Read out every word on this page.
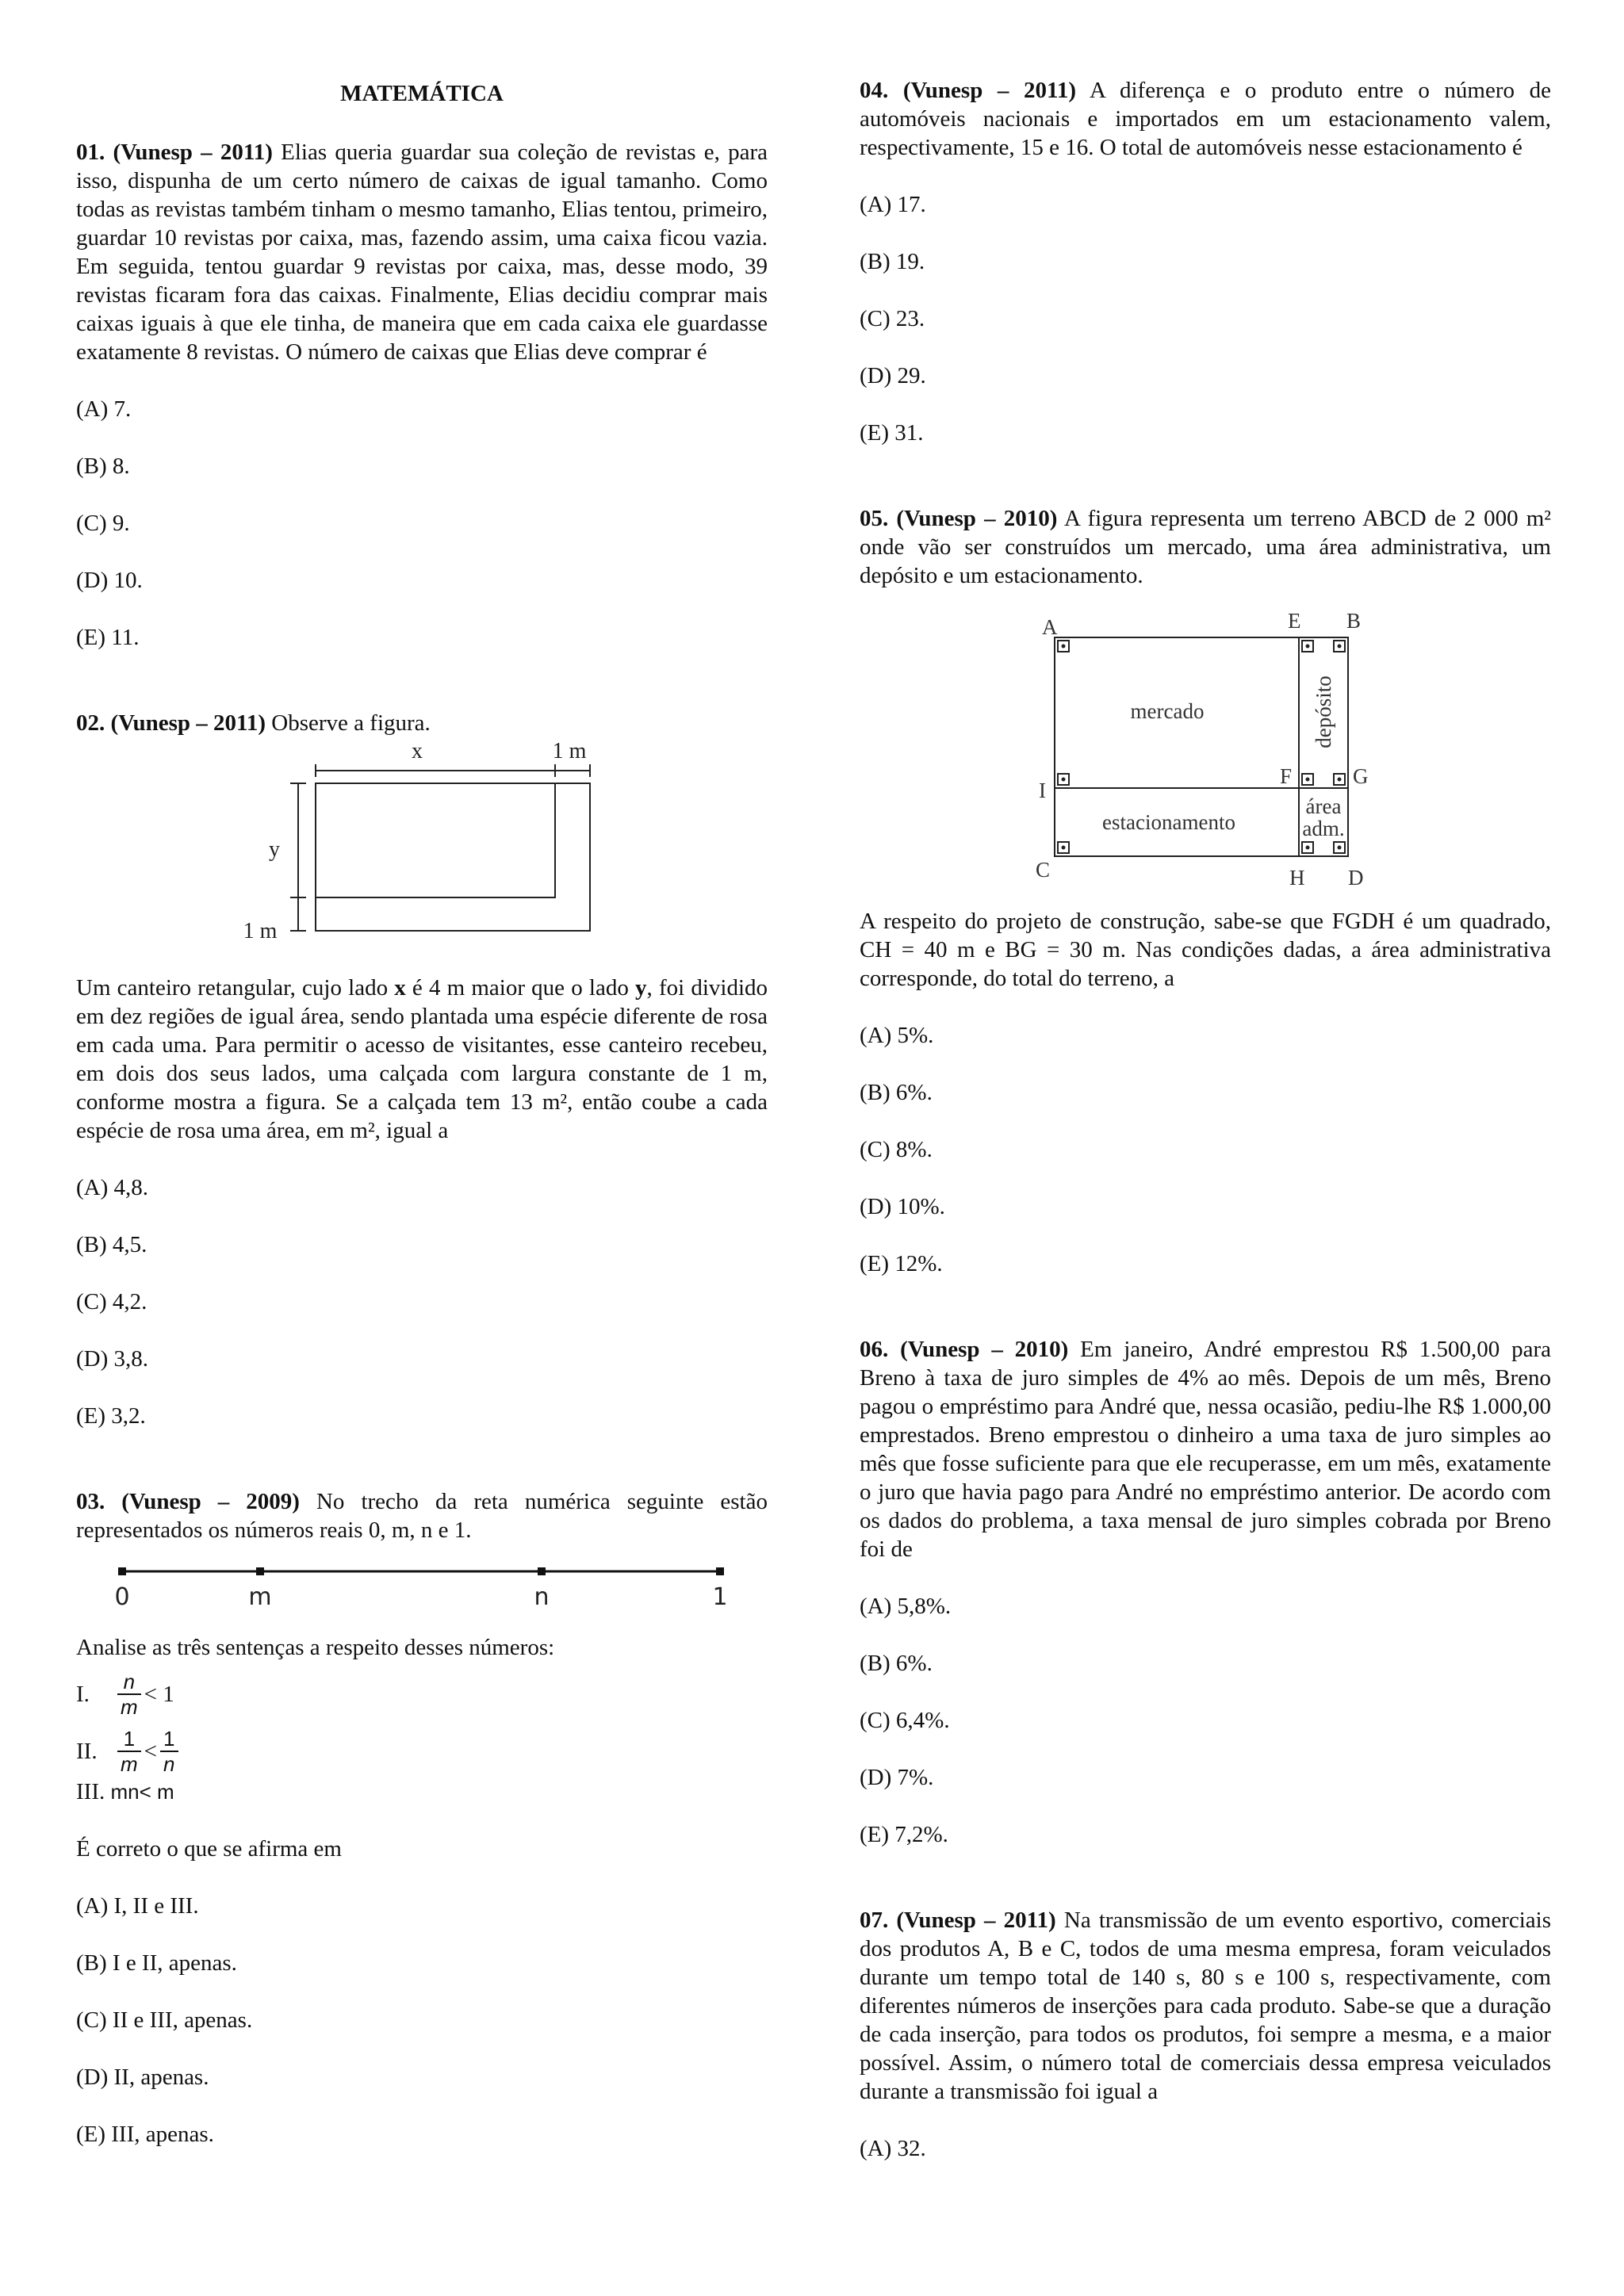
MATEMÁTICA
01. (Vunesp – 2011) Elias queria guardar sua coleção de revistas e, para isso, dispunha de um certo número de caixas de igual tamanho. Como todas as revistas também tinham o mesmo tamanho, Elias tentou, primeiro, guardar 10 revistas por caixa, mas, fazendo assim, uma caixa ficou vazia. Em seguida, tentou guardar 9 revistas por caixa, mas, desse modo, 39 revistas ficaram fora das caixas. Finalmente, Elias decidiu comprar mais caixas iguais à que ele tinha, de maneira que em cada caixa ele guardasse exatamente 8 revistas. O número de caixas que Elias deve comprar é
(A) 7.
(B) 8.
(C) 9.
(D) 10.
(E) 11.
02. (Vunesp – 2011) Observe a figura.
x	1 m
y
1 m
Um canteiro retangular, cujo lado x é 4 m maior que o lado y, foi dividido em dez regiões de igual área, sendo plantada uma espécie diferente de rosa em cada uma. Para permitir o acesso de visitantes, esse canteiro recebeu, em dois dos seus lados, uma calçada com largura constante de 1 m, conforme mostra a figura. Se a calçada tem 13 m², então coube a cada espécie de rosa uma área, em m², igual a
(A) 4,8.
(B) 4,5.
(C) 4,2.
(D) 3,8.
(E) 3,2.
03. (Vunesp – 2009) No trecho da reta numérica seguinte estão representados os números reais 0, m, n e 1.
0	m	n	1
Analise as três sentenças a respeito desses números:
I.	$\frac{n}{m} < 1$
II. $\frac{1}{m} < \frac{1}{n}$
III. mn< m
É correto o que se afirma em
(A) I, II e III.
(B) I e II, apenas.
(C) II e III, apenas.
(D) II, apenas.
(E) III, apenas.
04. (Vunesp – 2011) A diferença e o produto entre o número de automóveis nacionais e importados em um estacionamento valem, respectivamente, 15 e 16. O total de automóveis nesse estacionamento é
(A) 17.
(B) 19.
(C) 23.
(D) 29.
(E) 31.
05. (Vunesp – 2010) A figura representa um terreno ABCD de 2 000 m² onde vão ser construídos um mercado, uma área administrativa, um depósito e um estacionamento.
A	E B
I
F	G
C	H D
mercado	depósito
estacionamento
área
adm.
A respeito do projeto de construção, sabe-se que FGDH é um quadrado, CH = 40 m e BG = 30 m. Nas condições dadas, a área administrativa corresponde, do total do terreno, a
(A) 5%.
(B) 6%.
(C) 8%.
(D) 10%.
(E) 12%.
06. (Vunesp – 2010) Em janeiro, André emprestou R$ 1.500,00 para Breno à taxa de juro simples de 4% ao mês. Depois de um mês, Breno pagou o empréstimo para André que, nessa ocasião, pediu-lhe R$ 1.000,00 emprestados. Breno emprestou o dinheiro a uma taxa de juro simples ao mês que fosse suficiente para que ele recuperasse, em um mês, exatamente o juro que havia pago para André no empréstimo anterior. De acordo com os dados do problema, a taxa mensal de juro simples cobrada por Breno foi de
(A) 5,8%.
(B) 6%.
(C) 6,4%.
(D) 7%.
(E) 7,2%.
07. (Vunesp – 2011) Na transmissão de um evento esportivo, comerciais dos produtos A, B e C, todos de uma mesma empresa, foram veiculados durante um tempo total de 140 s, 80 s e 100 s, respectivamente, com diferentes números de inserções para cada produto. Sabe-se que a duração de cada inserção, para todos os produtos, foi sempre a mesma, e a maior possível. Assim, o número total de comerciais dessa empresa veiculados durante a transmissão foi igual a
(A) 32.
